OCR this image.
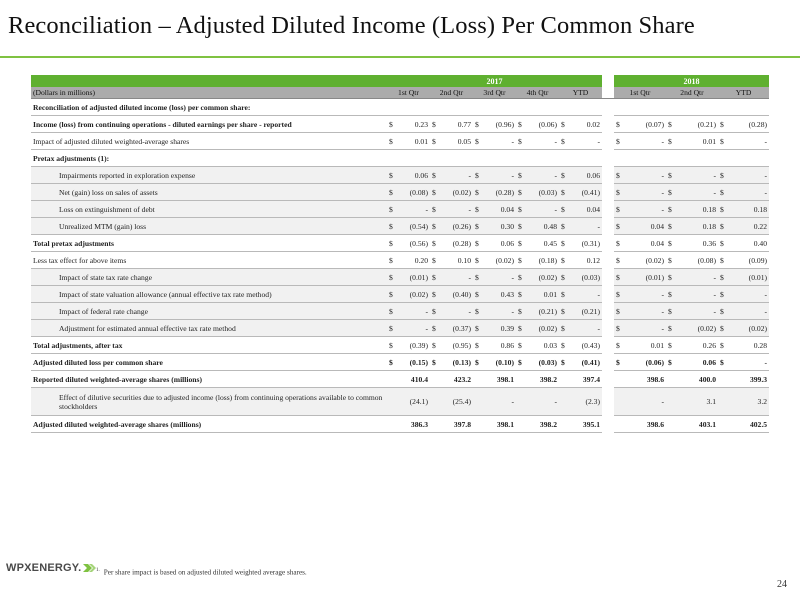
Reconciliation – Adjusted Diluted Income (Loss) Per Common Share
	2017						2018		
(Dollars in millions)	1st Qtr	2nd Qtr	3rd Qtr	4th Qtr	YTD		1st Qtr	2nd Qtr	YTD
Reconciliation of adjusted diluted income (loss) per common share:									
Income (loss) from continuing operations - diluted earnings per share - reported	$ 0.23	$ 0.77	$ (0.96)	$ (0.06)	$ 0.02		$ (0.07)	$ (0.21)	$ (0.28)

Impact of adjusted diluted weighted-average shares	$ 0.01	$ 0.05	$ -	$ -	$ -		$ -	$ 0.01	$ -

Pretax adjustments (1):									
Impairments reported in exploration expense	$ 0.06	$ -	$ -	$ -	$ 0.06		$ -	$ -	$ -

Net (gain) loss on sales of assets	$ (0.08)	$ (0.02)	$ (0.28)	$ (0.03)	$ (0.41)		$ -	$ -	$ -

Loss on extinguishment of debt	$ -	$ -	$ 0.04	$ -	$ 0.04		$ -	$ 0.18	$ 0.18

Unrealized MTM (gain) loss	$ (0.54)	$ (0.26)	$ 0.30	$ 0.48	$ -		$ 0.04	$ 0.18	$ 0.22

Total pretax adjustments	$ (0.56)	$ (0.28)	$ 0.06	$ 0.45	$ (0.31)		$ 0.04	$ 0.36	$ 0.40

Less tax effect for above items	$ 0.20	$ 0.10	$ (0.02)	$ (0.18)	$ 0.12		$ (0.02)	$ (0.08)	$ (0.09)

Impact of state tax rate change	$ (0.01)	$ -	$ -	$ (0.02)	$ (0.03)		$ (0.01)	$ -	$ (0.01)

Impact of state valuation allowance (annual effective tax rate method)	$ (0.02)	$ (0.40)	$ 0.43	$ 0.01	$ -		$ -	$ -	$ -

Impact of federal rate change	$ -	$ -	$ -	$ (0.21)	$ (0.21)		$ -	$ -	$ -

Adjustment for estimated annual effective tax rate method	$ -	$ (0.37)	$ 0.39	$ (0.02)	$ -		$ -	$ (0.02)	$ (0.02)

Total adjustments, after tax	$ (0.39)	$ (0.95)	$ 0.86	$ 0.03	$ (0.43)		$ 0.01	$ 0.26	$ 0.28

Adjusted diluted loss per common share	$ (0.15)	$ (0.13)	$ (0.10)	$ (0.03)	$ (0.41)		$ (0.06)	$ 0.06	$ -

Reported diluted weighted-average shares (millions)	410.4	423.2	398.1	398.2	397.4		398.6	400.0	399.3

Effect of dilutive securities due to adjusted income (loss) from continuing operations available to common stockholders	(24.1)	(25.4)	-	-	(2.3)		-	3.1	3.2

Adjusted diluted weighted-average shares (millions)	386.3	397.8	398.1	398.2	395.1		398.6	403.1	402.5
WPXENERGY.	$^{1.}$ Per share impact is based on adjusted diluted weighted average shares.
24
